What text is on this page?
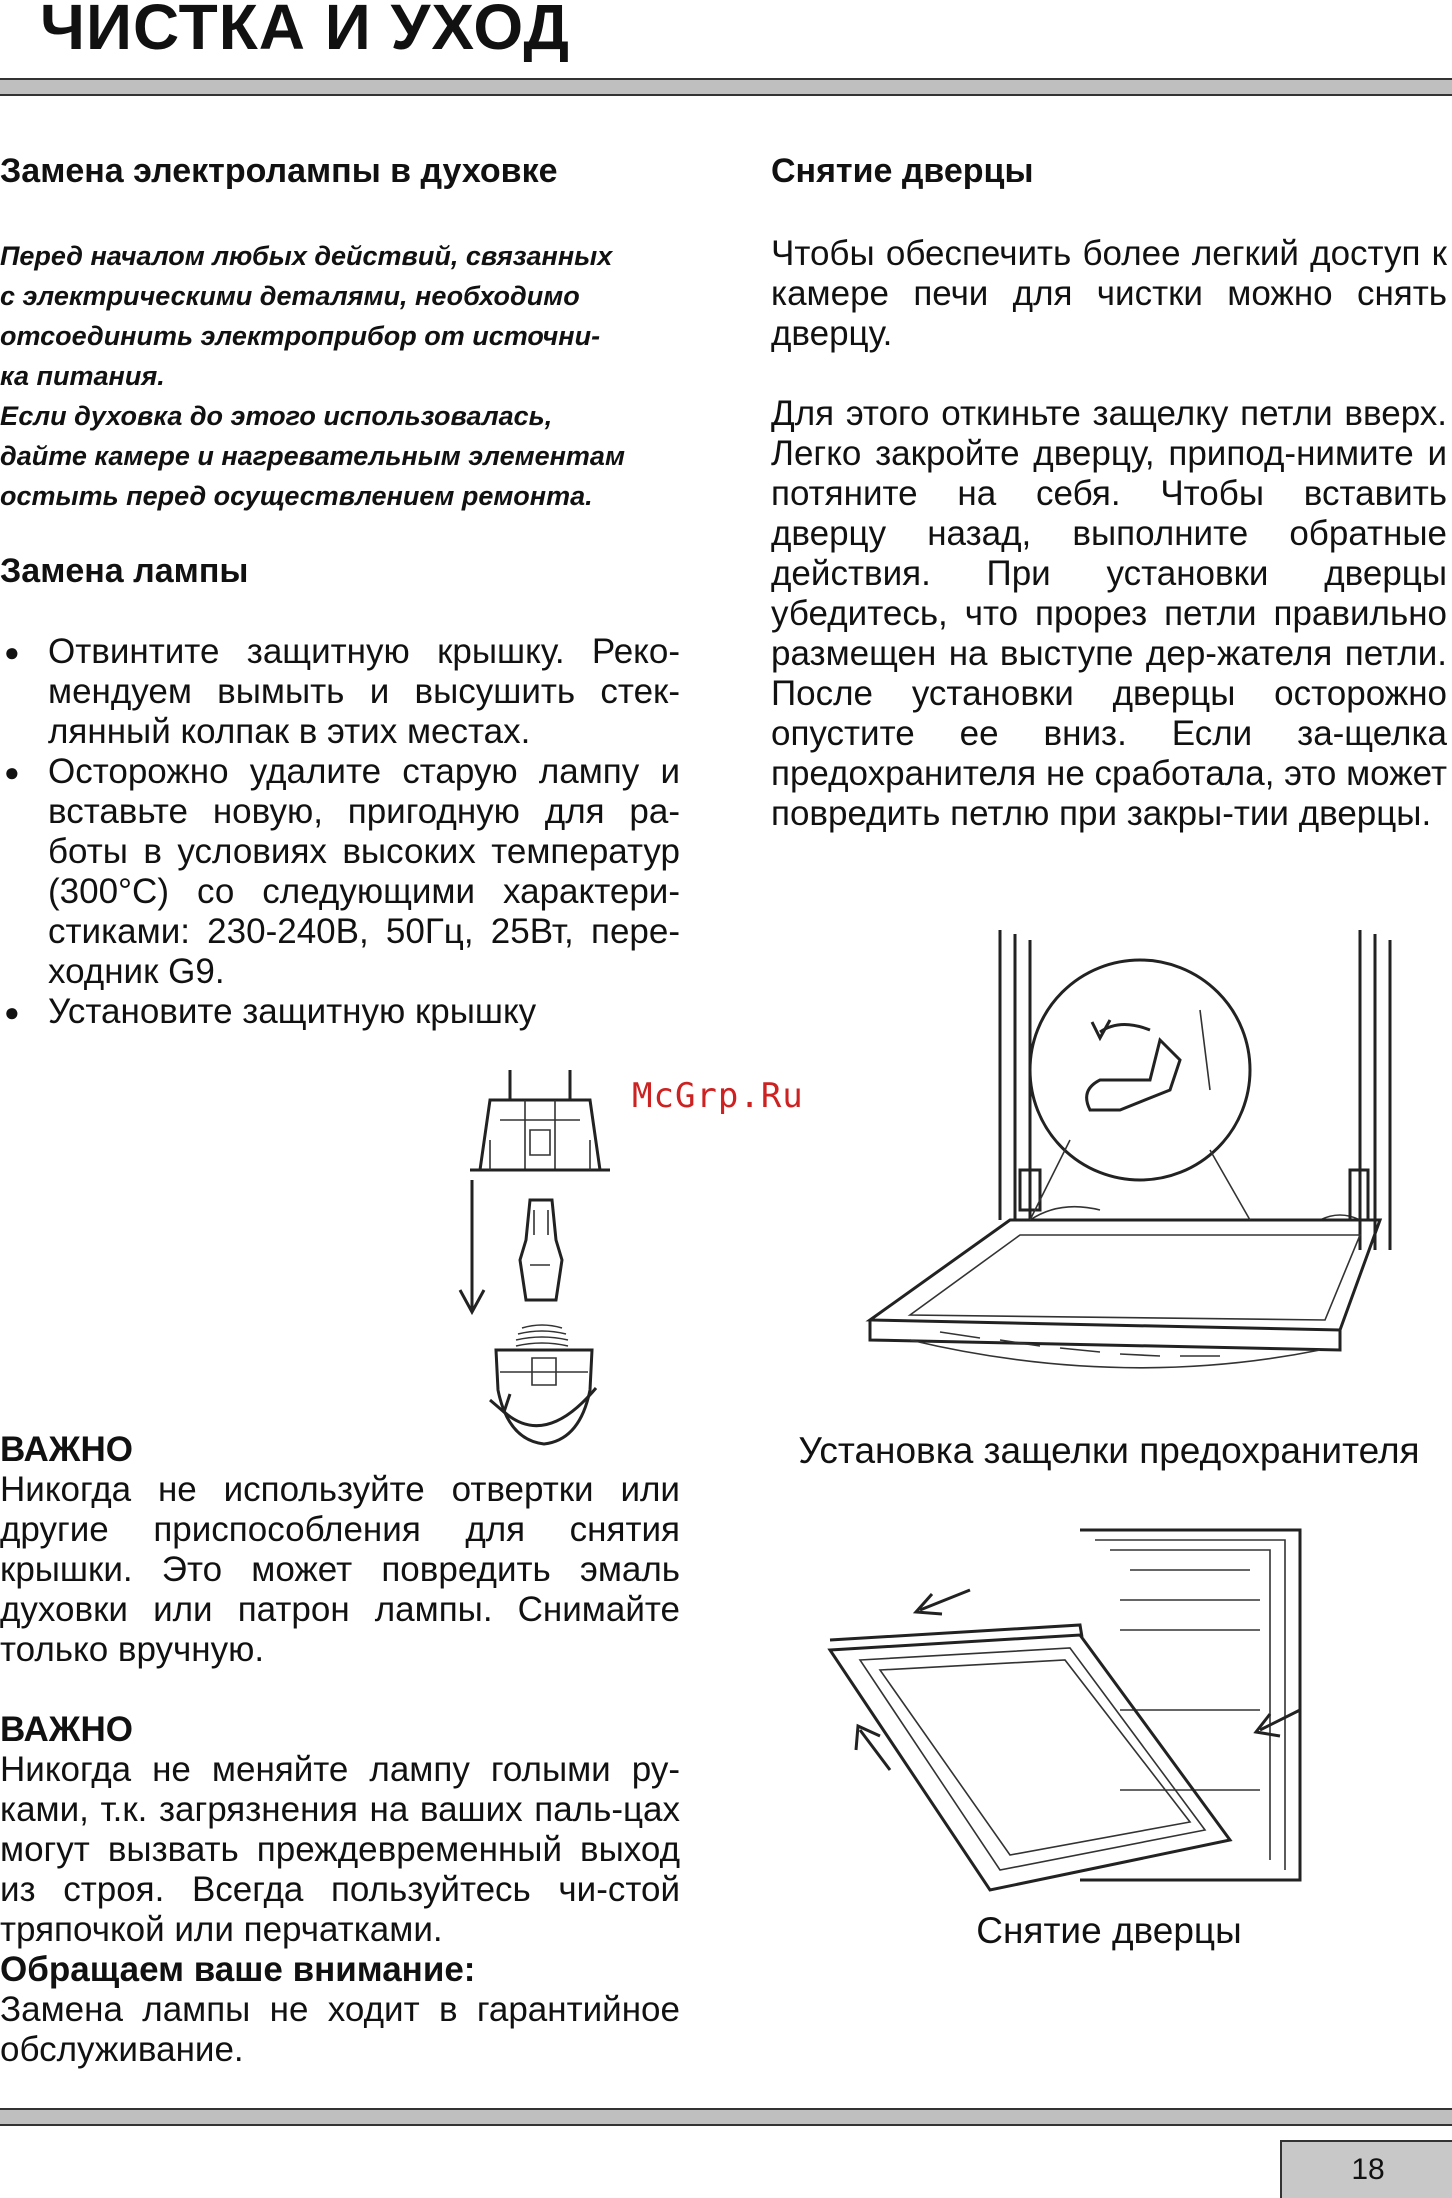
ЧИСТКА И УХОД
Замена электролампы в духовке

Перед началом любых действий, связанных

с электрическими деталями, необходимо

отсоединить электроприбор от источни-

ка питания.

Если духовка до этого использовалась,

дайте камере и нагревательным элементам

остыть перед осуществлением ремонта.

Замена лампы
● Отвинтите защитную крышку. Реко-мендуем вымыть и высушить стек-лянный колпак в этих местах.
● Осторожно удалите старую лампу и вставьте новую, пригодную для ра-боты в условиях высоких температур (300°С) со следующими характери-стиками: 230-240В, 50Гц, 25Вт, пере-ходник G9.
● Установите защитную крышку
McGrp.Ru

ВАЖНО

Никогда не используйте отвертки или другие приспособления для снятия крышки. Это может повредить эмаль духовки или патрон лампы. Снимайте только вручную.

ВАЖНО

Никогда не меняйте лампу голыми ру-ками, т.к. загрязнения на ваших паль-цах могут вызвать преждевременный выход из строя. Всегда пользуйтесь чи-стой тряпочкой или перчатками.

Обращаем ваше внимание:

Замена лампы не ходит в гарантийное обслуживание.

Снятие дверцы

Чтобы обеспечить более легкий доступ к камере печи для чистки можно снять дверцу.

Для этого откиньте защелку петли вверх. Легко закройте дверцу, припод-нимите и потяните на себя. Чтобы вставить дверцу назад, выполните обратные действия. При установки дверцы убедитесь, что прорез петли правильно размещен на выступе дер-жателя петли. После установки дверцы осторожно опустите ее вниз. Если за-щелка предохранителя не сработала, это может повредить петлю при закры-тии дверцы.

Установка защелки предохранителя
Снятие дверцы
18
